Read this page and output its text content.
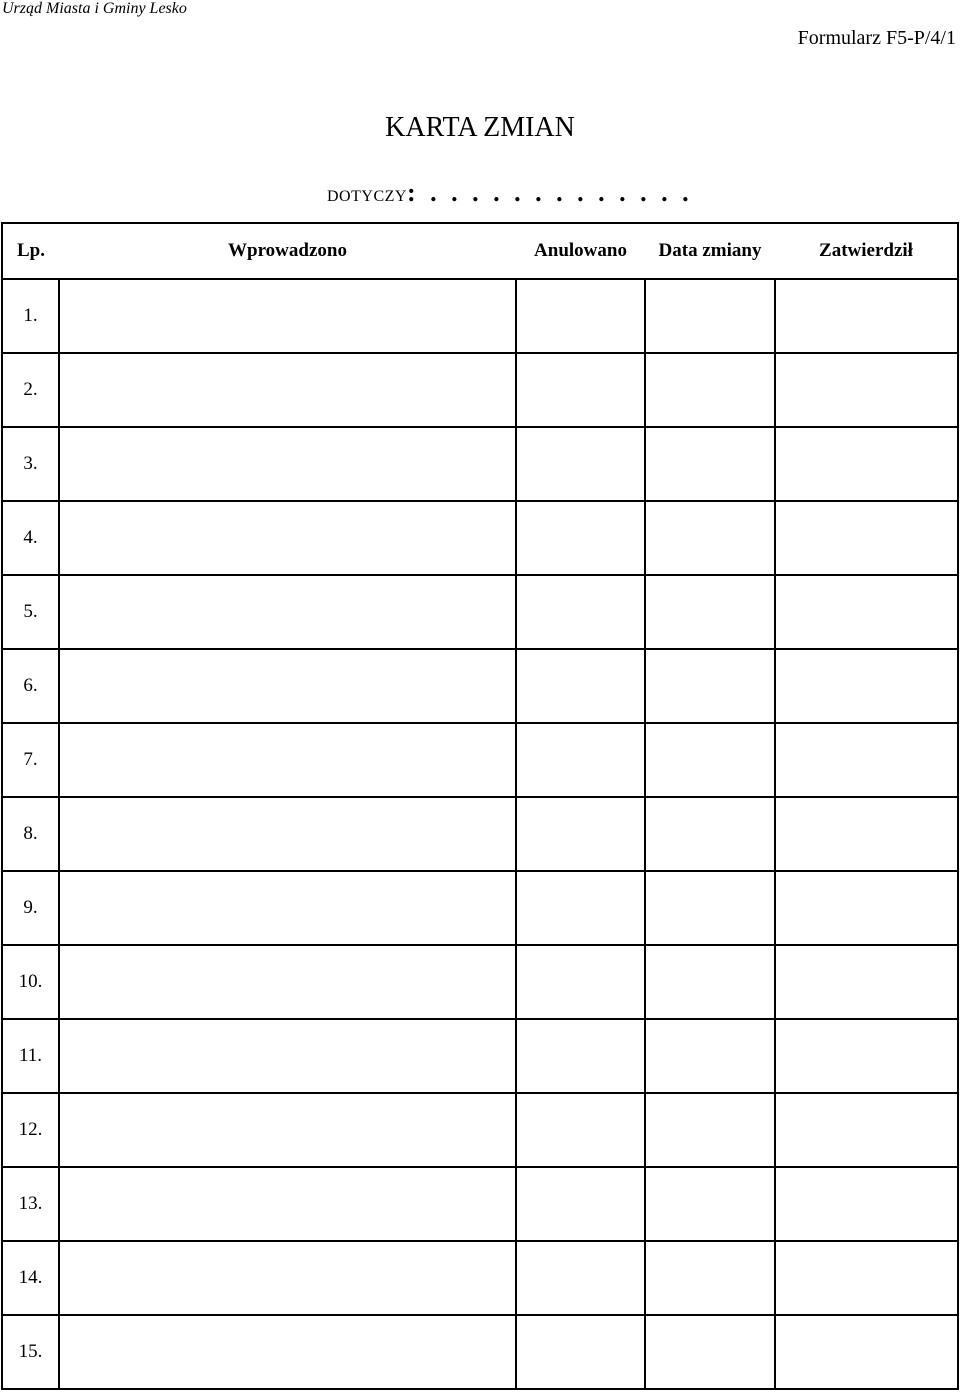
Urząd Miasta i Gminy Lesko
Formularz F5-P/4/1
KARTA ZMIAN
DOTYCZY: . . . . . . . . . . . . .
Lp.	Wprowadzono	Anulowano	Data zmiany	Zatwierdził
1.				
2.				
3.				
4.				
5.				
6.				
7.				
8.				
9.				
10.				
11.				
12.				
13.				
14.				
15.				
